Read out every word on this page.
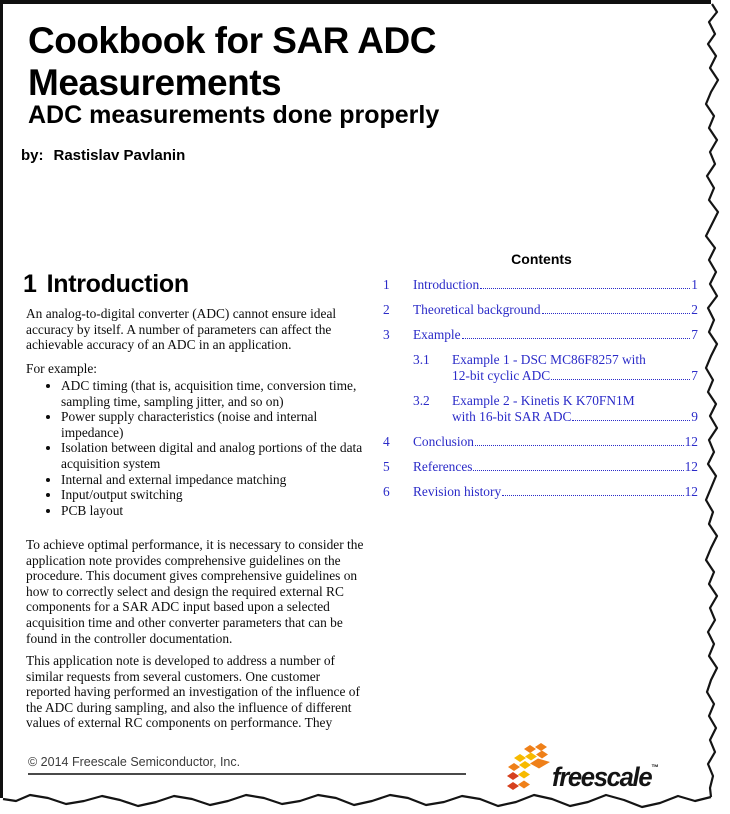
Cookbook for SAR ADC Measurements
ADC measurements done properly
by: Rastislav Pavlanin
1 Introduction
An analog-to-digital converter (ADC) cannot ensure ideal accuracy by itself. A number of parameters can affect the achievable accuracy of an ADC in an application.
For example:
• ADC timing (that is, acquisition time, conversion time, sampling time, sampling jitter, and so on)
• Power supply characteristics (noise and internal impedance)
• Isolation between digital and analog portions of the data acquisition system
• Internal and external impedance matching
• Input/output switching
• PCB layout
To achieve optimal performance, it is necessary to consider the application note provides comprehensive guidelines on the procedure. This document gives comprehensive guidelines on how to correctly select and design the required external RC components for a SAR ADC input based upon a selected acquisition time and other converter parameters that can be found in the controller documentation.
This application note is developed to address a number of similar requests from several customers. One customer reported having performed an investigation of the influence of the ADC during sampling, and also the influence of different values of external RC components on performance. They
Contents
1	Introduction	1
2	Theoretical background	2
3	Example	7
3.1	Example 1 - DSC MC86F8257 with
12-bit cyclic ADC	7
3.2	Example 2 - Kinetis K K70FN1M
with 16-bit SAR ADC	9
4	Conclusion	12
5	References	12
6	Revision history	12
© 2014 Freescale Semiconductor, Inc.	freescale™
